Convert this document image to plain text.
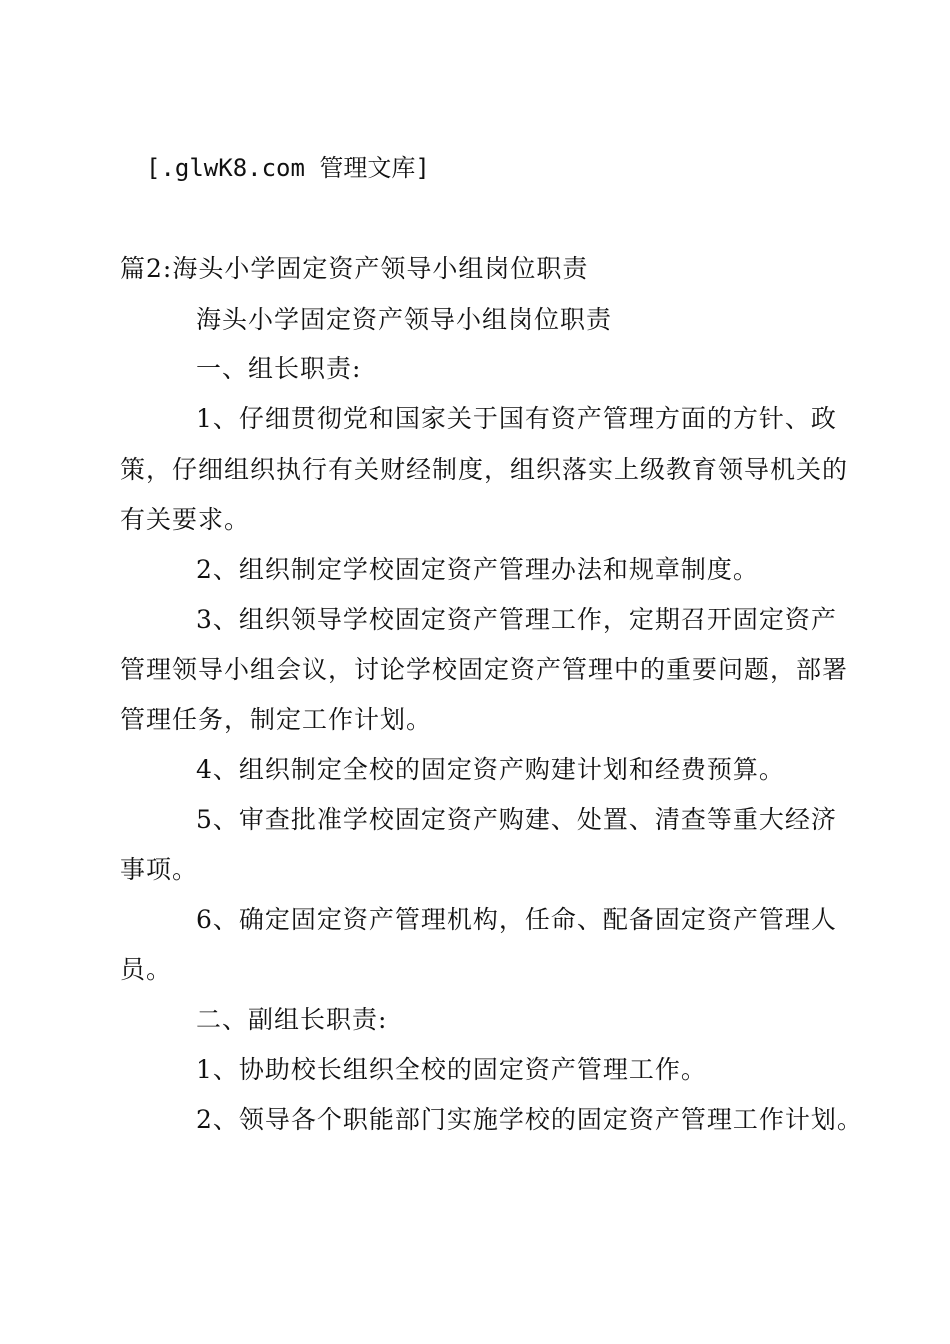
[.glwK8.com 管理文库]
篇2:海头小学固定资产领导小组岗位职责
海头小学固定资产领导小组岗位职责
一、组长职责:
1、仔细贯彻党和国家关于国有资产管理方面的方针、政
策，仔细组织执行有关财经制度，组织落实上级教育领导机关的
有关要求。
2、组织制定学校固定资产管理办法和规章制度。
3、组织领导学校固定资产管理工作，定期召开固定资产
管理领导小组会议，讨论学校固定资产管理中的重要问题，部署
管理任务，制定工作计划。
4、组织制定全校的固定资产购建计划和经费预算。
5、审查批准学校固定资产购建、处置、清查等重大经济
事项。
6、确定固定资产管理机构，任命、配备固定资产管理人
员。
二、副组长职责:
1、协助校长组织全校的固定资产管理工作。
2、领导各个职能部门实施学校的固定资产管理工作计划。
